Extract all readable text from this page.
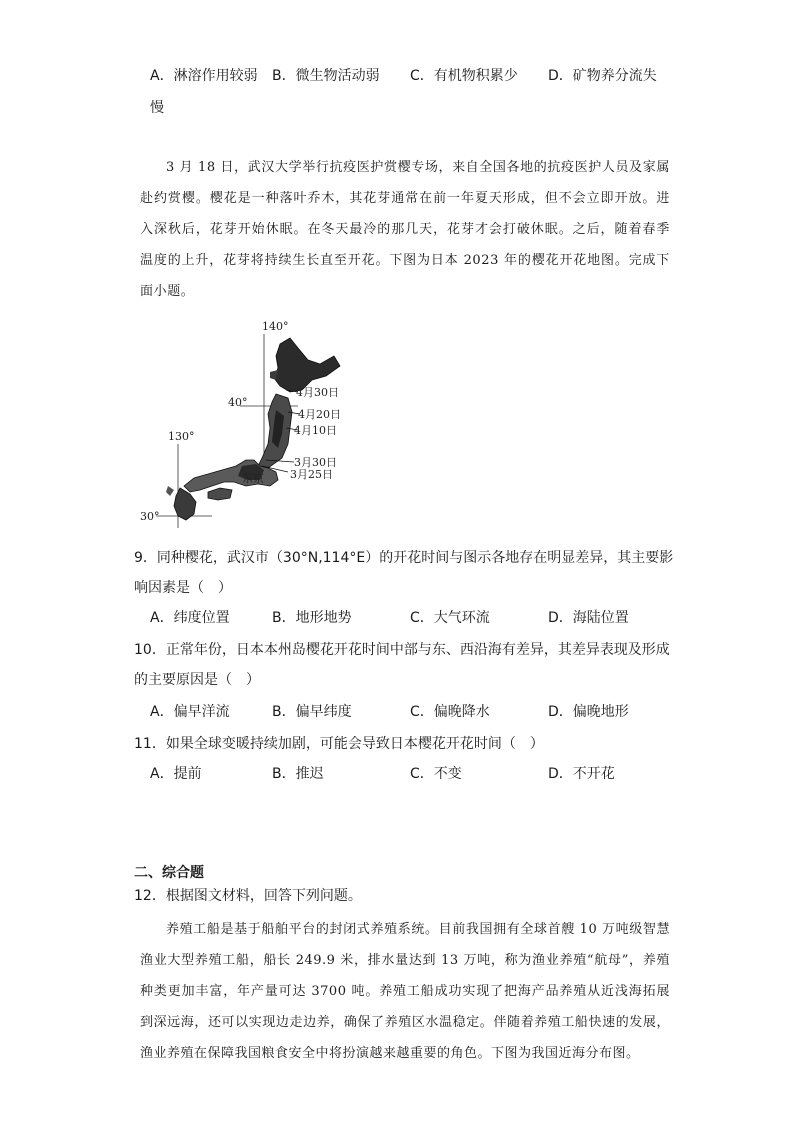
A．淋溶作用较弱 B．微生物活动弱 C．有机物积累少 D．矿物养分流失
慢

3 月 18 日，武汉大学举行抗疫医护赏樱专场，来自全国各地的抗疫医护人员及家属赴约赏樱。樱花是一种落叶乔木，其花芽通常在前一年夏天形成，但不会立即开放。进入深秋后，花芽开始休眠。在冬天最冷的那几天，花芽才会打破休眠。之后，随着春季温度的上升，花芽将持续生长直至开花。下图为日本 2023 年的樱花开花地图。完成下面小题。

140°
40°
130°
30°
4月30日
4月20日
4月10日
3月30日
3月25日
东京
9．同种樱花，武汉市（30°N,114°E）的开花时间与图示各地存在明显差异，其主要影
响因素是（　）
A．纬度位置	B．地形地势	C．大气环流	D．海陆位置
10．正常年份，日本本州岛樱花开花时间中部与东、西沿海有差异，其差异表现及形成
的主要原因是（　）
A．偏早洋流	B．偏早纬度	C．偏晚降水	D．偏晚地形
11．如果全球变暖持续加剧，可能会导致日本樱花开花时间（　）
A．提前	B．推迟	C．不变	D．不开花
二、综合题
12．根据图文材料，回答下列问题。

养殖工船是基于船舶平台的封闭式养殖系统。目前我国拥有全球首艘 10 万吨级智慧渔业大型养殖工船，船长 249.9 米，排水量达到 13 万吨，称为渔业养殖“航母”，养殖种类更加丰富，年产量可达 3700 吨。养殖工船成功实现了把海产品养殖从近浅海拓展到深远海，还可以实现边走边养，确保了养殖区水温稳定。伴随着养殖工船快速的发展，渔业养殖在保障我国粮食安全中将扮演越来越重要的角色。下图为我国近海分布图。
